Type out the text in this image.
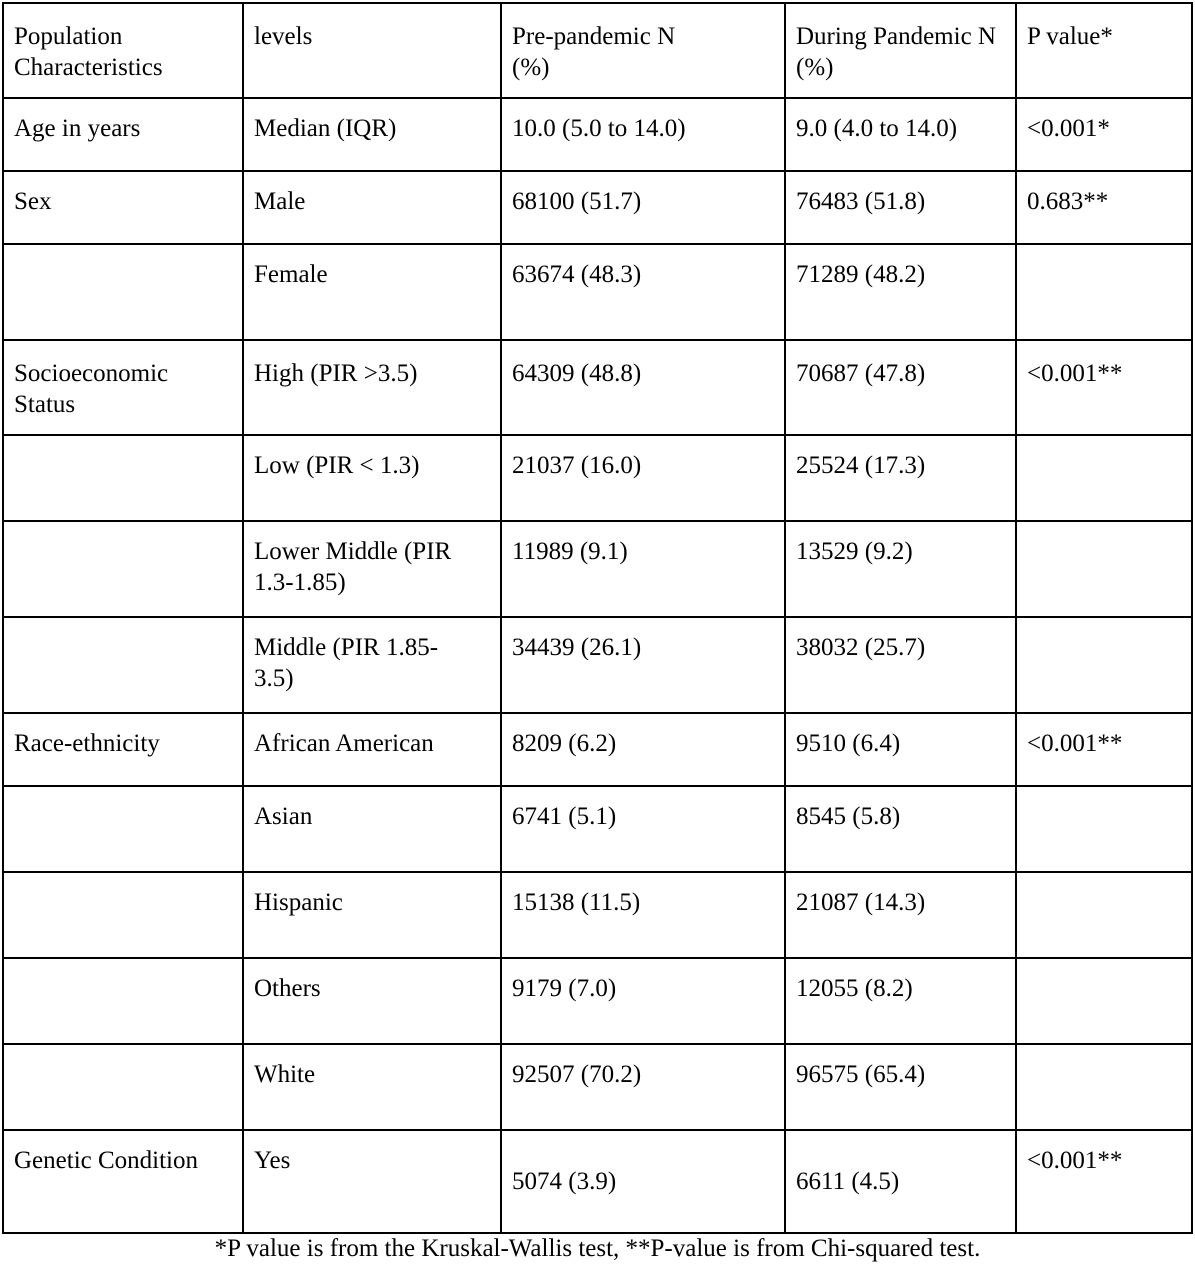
Population Characteristics	levels	Pre-pandemic N (%)	During Pandemic N (%)	P value*

Age in years	Median (IQR)	10.0 (5.0 to 14.0)	9.0 (4.0 to 14.0)	<0.001*
Sex	Male	68100 (51.7)	76483 (51.8)	0.683**
	Female	63674 (48.3)	71289 (48.2)	

Socioeconomic Status	High (PIR >3.5)	64309 (48.8)	70687 (47.8)	<0.001**
	Low (PIR < 1.3)	21037 (16.0)	25524 (17.3)	

	Lower Middle (PIR 1.3-1.85)	11989 (9.1)	13529 (9.2)	

	Middle (PIR 1.85-3.5)	34439 (26.1)	38032 (25.7)	
Race-ethnicity	African American	8209 (6.2)	9510 (6.4)	<0.001**
	Asian	6741 (5.1)	8545 (5.8)	
	Hispanic	15138 (11.5)	21087 (14.3)	
	Others	9179 (7.0)	12055 (8.2)	
	White	92507 (70.2)	96575 (65.4)	
Genetic Condition	Yes	5074 (3.9)	6611 (4.5)	<0.001**
*P value is from the Kruskal-Wallis test, **P-value is from Chi-squared test.
